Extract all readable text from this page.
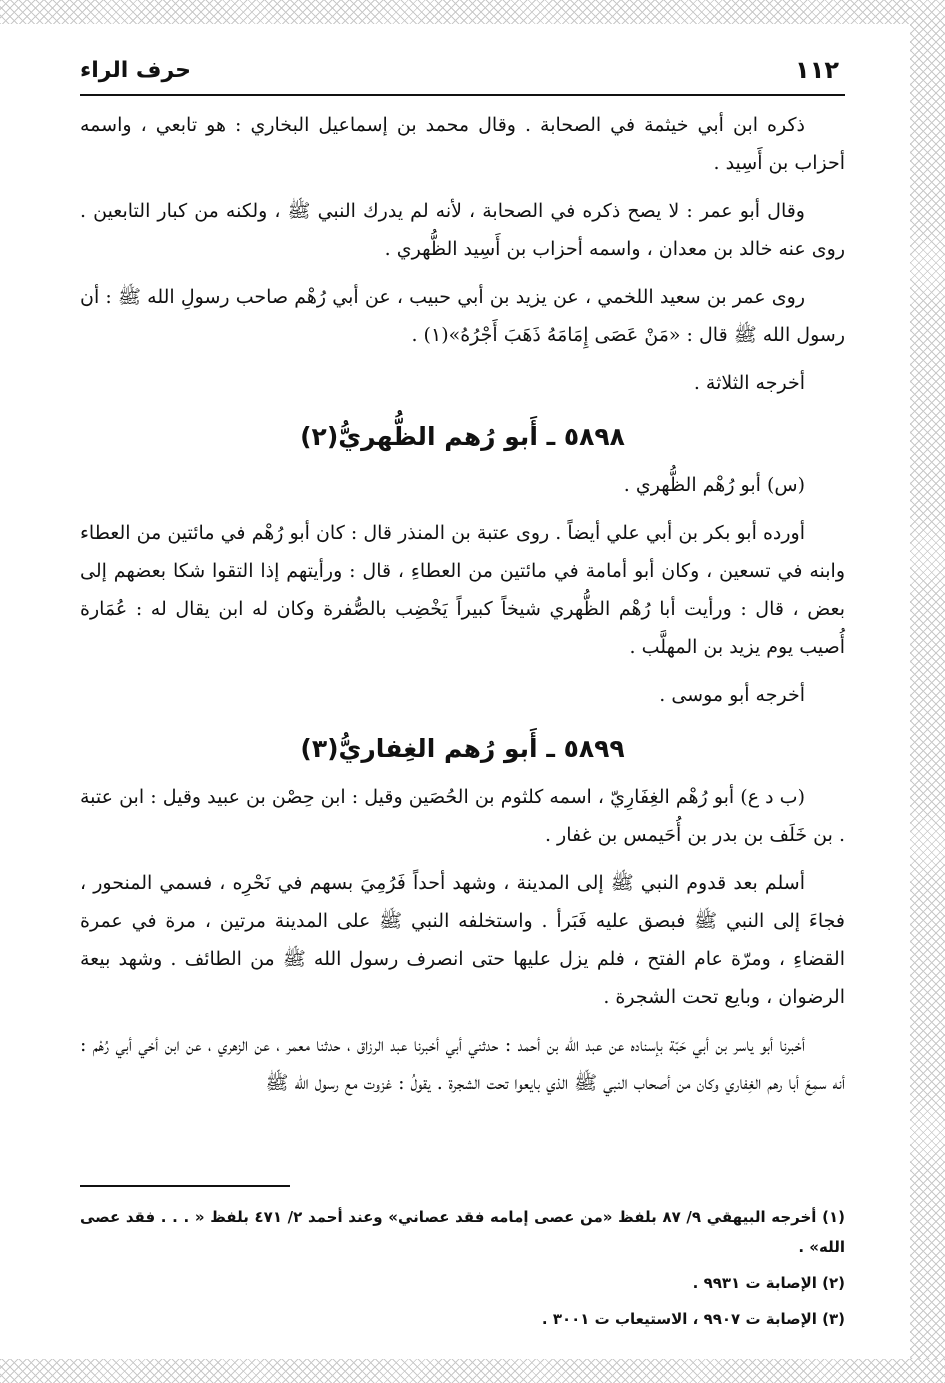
١١٢
حرف الراء

ذكره ابن أبي خيثمة في الصحابة . وقال محمد بن إسماعيل البخاري : هو تابعي ، واسمه أحزاب بن أَسِيد .

وقال أبو عمر : لا يصح ذكره في الصحابة ، لأنه لم يدرك النبي ﷺ ، ولكنه من كبار التابعين . روى عنه خالد بن معدان ، واسمه أحزاب بن أَسِيد الظُّهري .

روى عمر بن سعيد اللخمي ، عن يزيد بن أبي حبيب ، عن أبي رُهْم صاحب رسولِ الله ﷺ : أن رسول الله ﷺ قال : «مَنْ عَصَى إِمَامَهُ ذَهَبَ أَجْرُهُ»(١) .

أخرجه الثلاثة .

٥٨٩٨ ـ أَبو رُهم الظُّهريُّ(٢)

(س) أبو رُهْم الظُّهري .

أورده أبو بكر بن أبي علي أيضاً . روى عتبة بن المنذر قال : كان أبو رُهْم في مائتين من العطاء وابنه في تسعين ، وكان أبو أمامة في مائتين من العطاءِ ، قال : ورأيتهم إذا التقوا شكا بعضهم إلى بعض ، قال : ورأيت أبا رُهْم الظُّهري شيخاً كبيراً يَخْضِب بالصُّفرة وكان له ابن يقال له : عُمَارة أُصيب يوم يزيد بن المهلَّب .

أخرجه أبو موسى .

٥٨٩٩ ـ أَبو رُهم الغِفاريُّ(٣)

(ب د ع) أبو رُهْم الغِفَارِيّ ، اسمه كلثوم بن الحُصَين وقيل : ابن حِصْن بن عبيد وقيل : ابن عتبة . بن خَلَف بن بدر بن أُحَيمس بن غفار .

أسلم بعد قدوم النبي ﷺ إلى المدينة ، وشهد أحداً فَرُمِيَ بسهم في نَحْرِه ، فسمي المنحور ، فجاءَ إلى النبي ﷺ فبصق عليه فَبَرأ . واستخلفه النبي ﷺ على المدينة مرتين ، مرة في عمرة القضاءِ ، ومرّة عام الفتح ، فلم يزل عليها حتى انصرف رسول الله ﷺ من الطائف . وشهد بيعة الرضوان ، وبايع تحت الشجرة .

أخبرنا أبو ياسر بن أبي حَبّة بإسناده عن عبد الله بن أحمد : حدثني أبي أخبرنا عبد الرزاق ، حدثنا معمر ، عن الزهري ، عن ابن أخي أبي رُهْم : أنه سمِعَ أبا رهم الغِفاري وكان من أصحاب النبي ﷺ الذي بايعوا تحت الشجرة . يقولُ : غزوت مع رسول الله ﷺ

(١) أخرجه البيهقي ٩/ ٨٧ بلفظ «من عصى إمامه فقد عصاني» وعند أحمد ٢/ ٤٧١ بلفظ « . . . فقد عصى الله» .

(٢) الإصابة ت ٩٩٣١ .

(٣) الإصابة ت ٩٩٠٧ ، الاستيعاب ت ٣٠٠١ .
